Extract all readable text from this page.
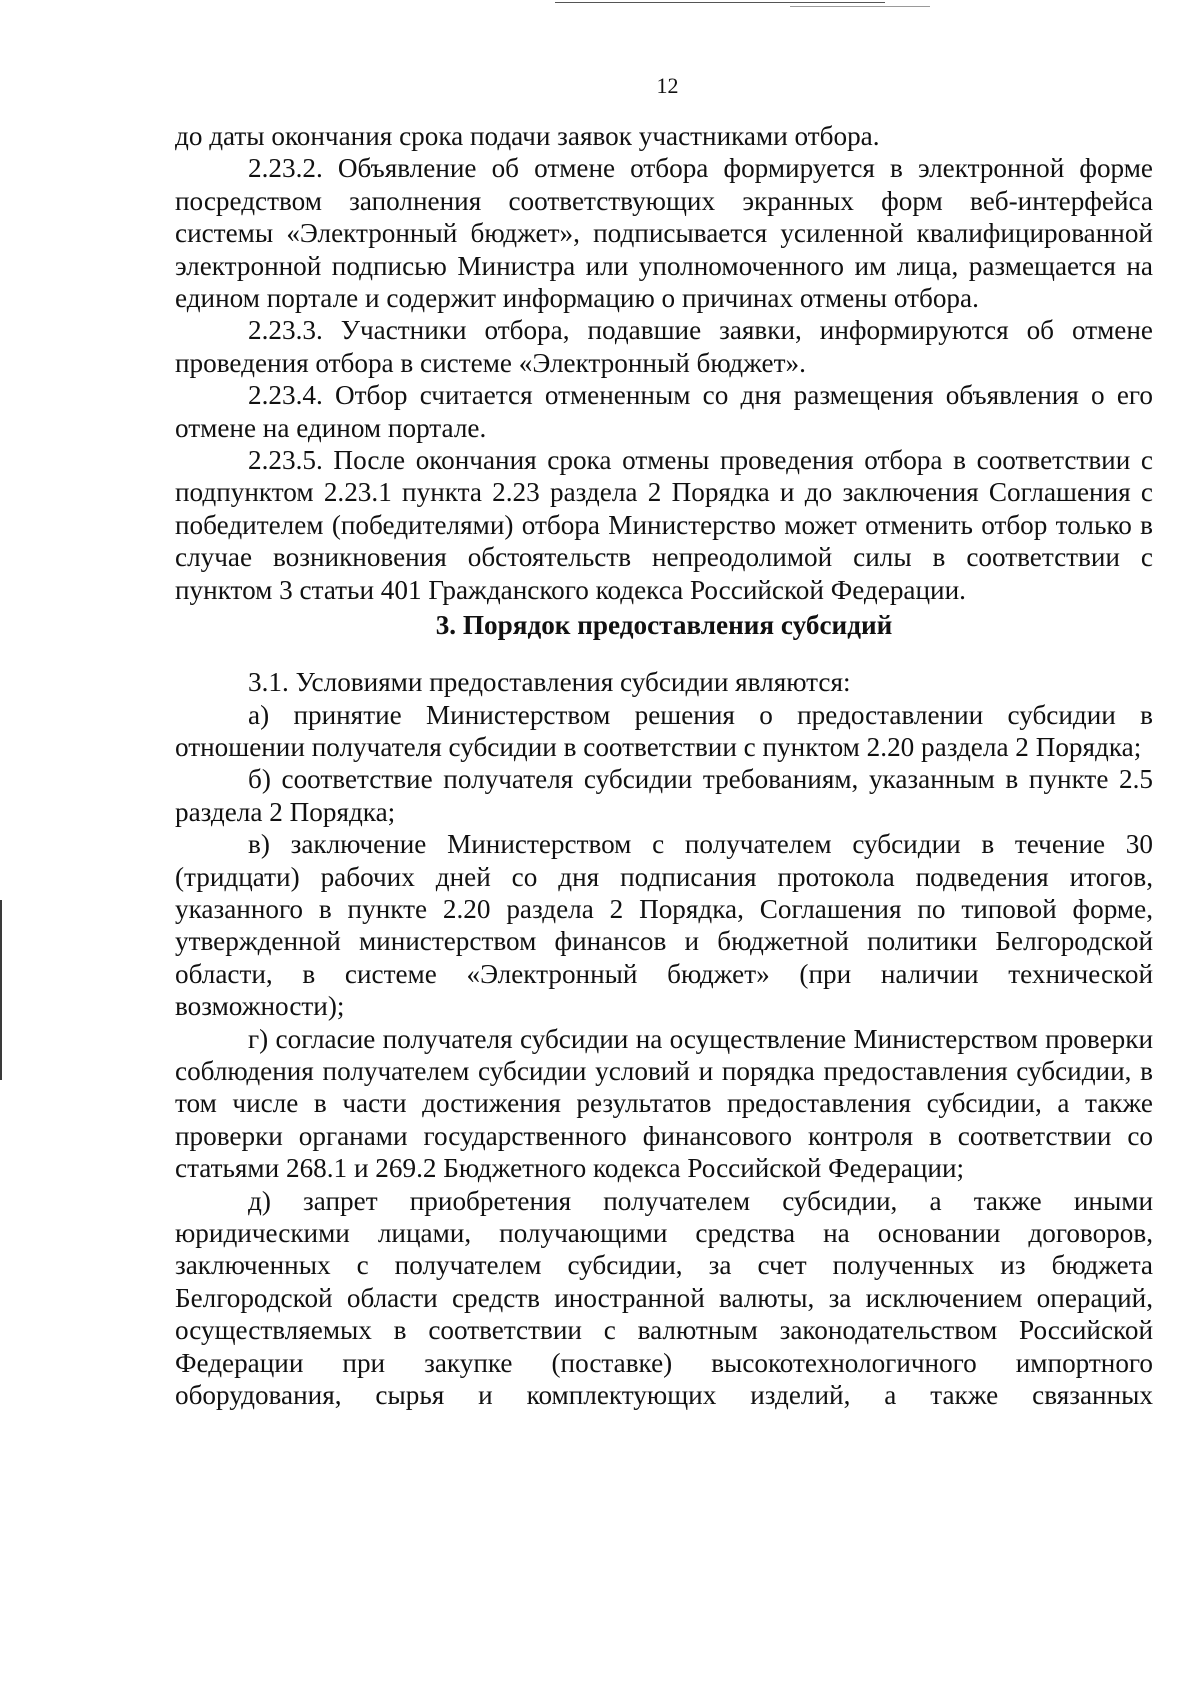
12

до даты окончания срока подачи заявок участниками отбора.

2.23.2. Объявление об отмене отбора формируется в электронной форме посредством заполнения соответствующих экранных форм веб-интерфейса системы «Электронный бюджет», подписывается усиленной квалифицированной электронной подписью Министра или уполномоченного им лица, размещается на едином портале и содержит информацию о причинах отмены отбора.

2.23.3. Участники отбора, подавшие заявки, информируются об отмене проведения отбора в системе «Электронный бюджет».

2.23.4. Отбор считается отмененным со дня размещения объявления о его отмене на едином портале.

2.23.5. После окончания срока отмены проведения отбора в соответствии с подпунктом 2.23.1 пункта 2.23 раздела 2 Порядка и до заключения Соглашения с победителем (победителями) отбора Министерство может отменить отбор только в случае возникновения обстоятельств непреодолимой силы в соответствии с пунктом 3 статьи 401 Гражданского кодекса Российской Федерации.

3. Порядок предоставления субсидий

3.1. Условиями предоставления субсидии являются:

а) принятие Министерством решения о предоставлении субсидии в отношении получателя субсидии в соответствии с пунктом 2.20 раздела 2 Порядка;

б) соответствие получателя субсидии требованиям, указанным в пункте 2.5 раздела 2 Порядка;

в) заключение Министерством с получателем субсидии в течение 30 (тридцати) рабочих дней со дня подписания протокола подведения итогов, указанного в пункте 2.20 раздела 2 Порядка, Соглашения по типовой форме, утвержденной министерством финансов и бюджетной политики Белгородской области, в системе «Электронный бюджет» (при наличии технической возможности);

г) согласие получателя субсидии на осуществление Министерством проверки соблюдения получателем субсидии условий и порядка предоставления субсидии, в том числе в части достижения результатов предоставления субсидии, а также проверки органами государственного финансового контроля в соответствии со статьями 268.1 и 269.2 Бюджетного кодекса Российской Федерации;

д) запрет приобретения получателем субсидии, а также иными юридическими лицами, получающими средства на основании договоров, заключенных с получателем субсидии, за счет полученных из бюджета Белгородской области средств иностранной валюты, за исключением операций, осуществляемых в соответствии с валютным законодательством Российской Федерации при закупке (поставке) высокотехнологичного импортного оборудования, сырья и комплектующих изделий, а также связанных
